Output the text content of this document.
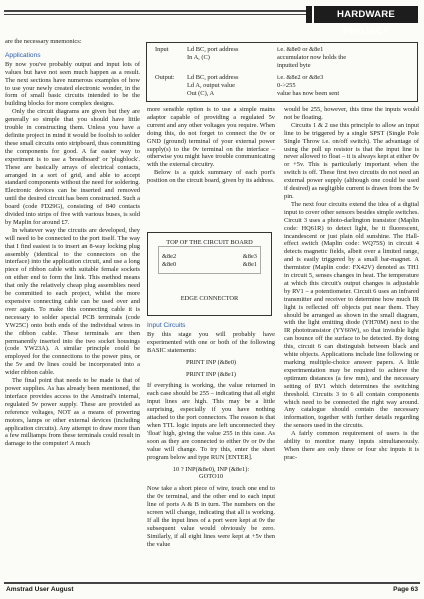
HARDWARE PROJECT

are the necessary mnemonics:

Applications

By now you've probably output and input lots of values but have not seen much happen as a result. The next sections have numerous examples of how to use your newly created electronic wonder, in the form of small basic circuits intended to be the building blocks for more complex designs.

Only the circuit diagrams are given but they are generally so simple that you should have little trouble in constructing them. Unless you have a definite project in mind it would be foolish to solder these small circuits onto stripboard, thus committing the components for good. A far easier way to experiment is to use a 'breadboard' or 'plugblock'. These are basically arrays of electrical contacts, arranged in a sort of grid, and able to accept standard components without the need for soldering. Electronic devices can be inserted and removed until the desired circuit has been constructed. Such a board (code FD29G), consisting of 840 contacts divided into strips of five with various buses, is sold by Maplin for around £7.

In whatever way the circuits are developed, they will need to be connected to the port itself. The way that I find easiest is to insert an 8-way locking plug assembly (identical to the connectors on the interface) into the application circuit, and use a long piece of ribbon cable with suitable female sockets on either end to form the link. This method means that only the relatively cheap plug assemblies need be committed to each project, whilst the more expensive connecting cable can be used over and over again. To make this connecting cable it is necessary to solder special PCB terminals (code YW25C) onto both ends of the individual wires in the ribbon cable. These terminals are then permanently inserted into the two socket housings (code YW23A). A similar principle could be employed for the connections to the power pins, or the 5v and 0v lines could be incorporated into a wider ribbon cable.

The final point that needs to be made is that of power supplies. As has already been mentioned, the interface provides access to the Amstrad's internal, regulated 5v power supply. These are provided as reference voltages, NOT as a means of powering motors, lamps or other external devices (including application circuits). Any attempt to draw more than a few milliamps from these terminals could result in damage to the computer! A much

Input	Ld BC, port address	i.e. &8e0 or &8e1
In A, (C)	accumulator now holds the
inputted byte
Output: Ld BC, port address	i.e. &8e2 or &8e3
Ld A, output value	0->255
Out (C), A	value has now been sent

more sensible option is to use a simple mains adaptor capable of providing a regulated 5v current and any other voltages you require. When doing this, do not forget to connect the 0v or GND (ground) terminal of your external power supply(s) to the 0v terminal on the interface – otherwise you might have trouble communicating with the external circuitry.

Below is a quick summary of each port's position on the circuit board, given by its address.

TOP OF THE CIRCUIT BOARD
&8e2	&8e3
&8e0	&8e1
EDGE CONNECTOR
Input Circuits

By this stage you will probably have experimented with one or both of the following BASIC statements:

PRINT INP (&8e0)
PRINT INP (&8e1)

If everything is working, the value returned in each case should be 255 – indicating that all eight input lines are high. This may be a little surprising, especially if you have nothing attached to the port connectors. The reason is that when TTL logic inputs are left unconnected they 'float' high, giving the value 255 in this case. As soon as they are connected to either 0v or 0v the value will change. To try this, enter the short program below and type RUN [ENTER].

10 ? INP(&8e0), INP (&8e1):
GOTO10

Now take a short piece of wire, touch one end to the 0v terminal, and the other end to each input line of ports A & B in turn. The numbers on the screen will change, indicating that all is working. If all the input lines of a port were kept at 0v the subsequent value would obviously be zero. Similarly, if all eight lines were kept at +5v then the value

would be 255, however, this time the inputs would not be floating.

Circuits 1 & 2 use this principle to allow an input line to be triggered by a single SPST (Single Pole Single Throw i.e. on/off switch). The advantage of using the pull up resistor is that the input line is never allowed to float – it is always kept at either 0v or +5v. This is particularly important when the switch is off. These first two circuits do not need an external power supply (although one could be used if desired) as negligible current is drawn from the 5v pin.

The next four circuits extend the idea of a digital input to cover other sensors besides simple switches. Circuit 3 uses a photo-darlington transistor (Maplin code: HQ61R) to detect light, be it fluorescent, incandescent or just plain old sunshine. The Hall-effect switch (Maplin code: WQ75S) in circuit 4 detects magnetic fields, albeit over a limited range, and is easily triggered by a small bar-magnet. A thermistor (Maplin code: FX42V) denoted as TH1 in circuit 5, senses changes in heat. The temperature at which this circuit's output changes is adjustable by RV1 – a potentiometer. Circuit 6 uses an infrared transmitter and receiver to determine how much IR light is reflected off objects put near them. They should be arranged as shown in the small diagram, with the light emitting diode (YH70M) next to the IR phototransistor (YY66W), so that invisible light can bounce off the surface to be detected. By doing this, circuit 6 can distinguish between black and white objects. Applications include line following or marking multiple-choice answer papers. A little experimentation may be required to achieve the optimum distances (a few mm), and the necessary setting of RV1 which determines the switching threshold. Circuits 3 to 6 all contain components which need to be connected the right way around. Any catalogue should contain the necessary information, together with further details regarding the sensors used in the circuits.

A fairly common requirement of users is the ability to monitor many inputs simultaneously. When there are only three or four shc inputs it is prac-

Amstrad User August	Page 63
